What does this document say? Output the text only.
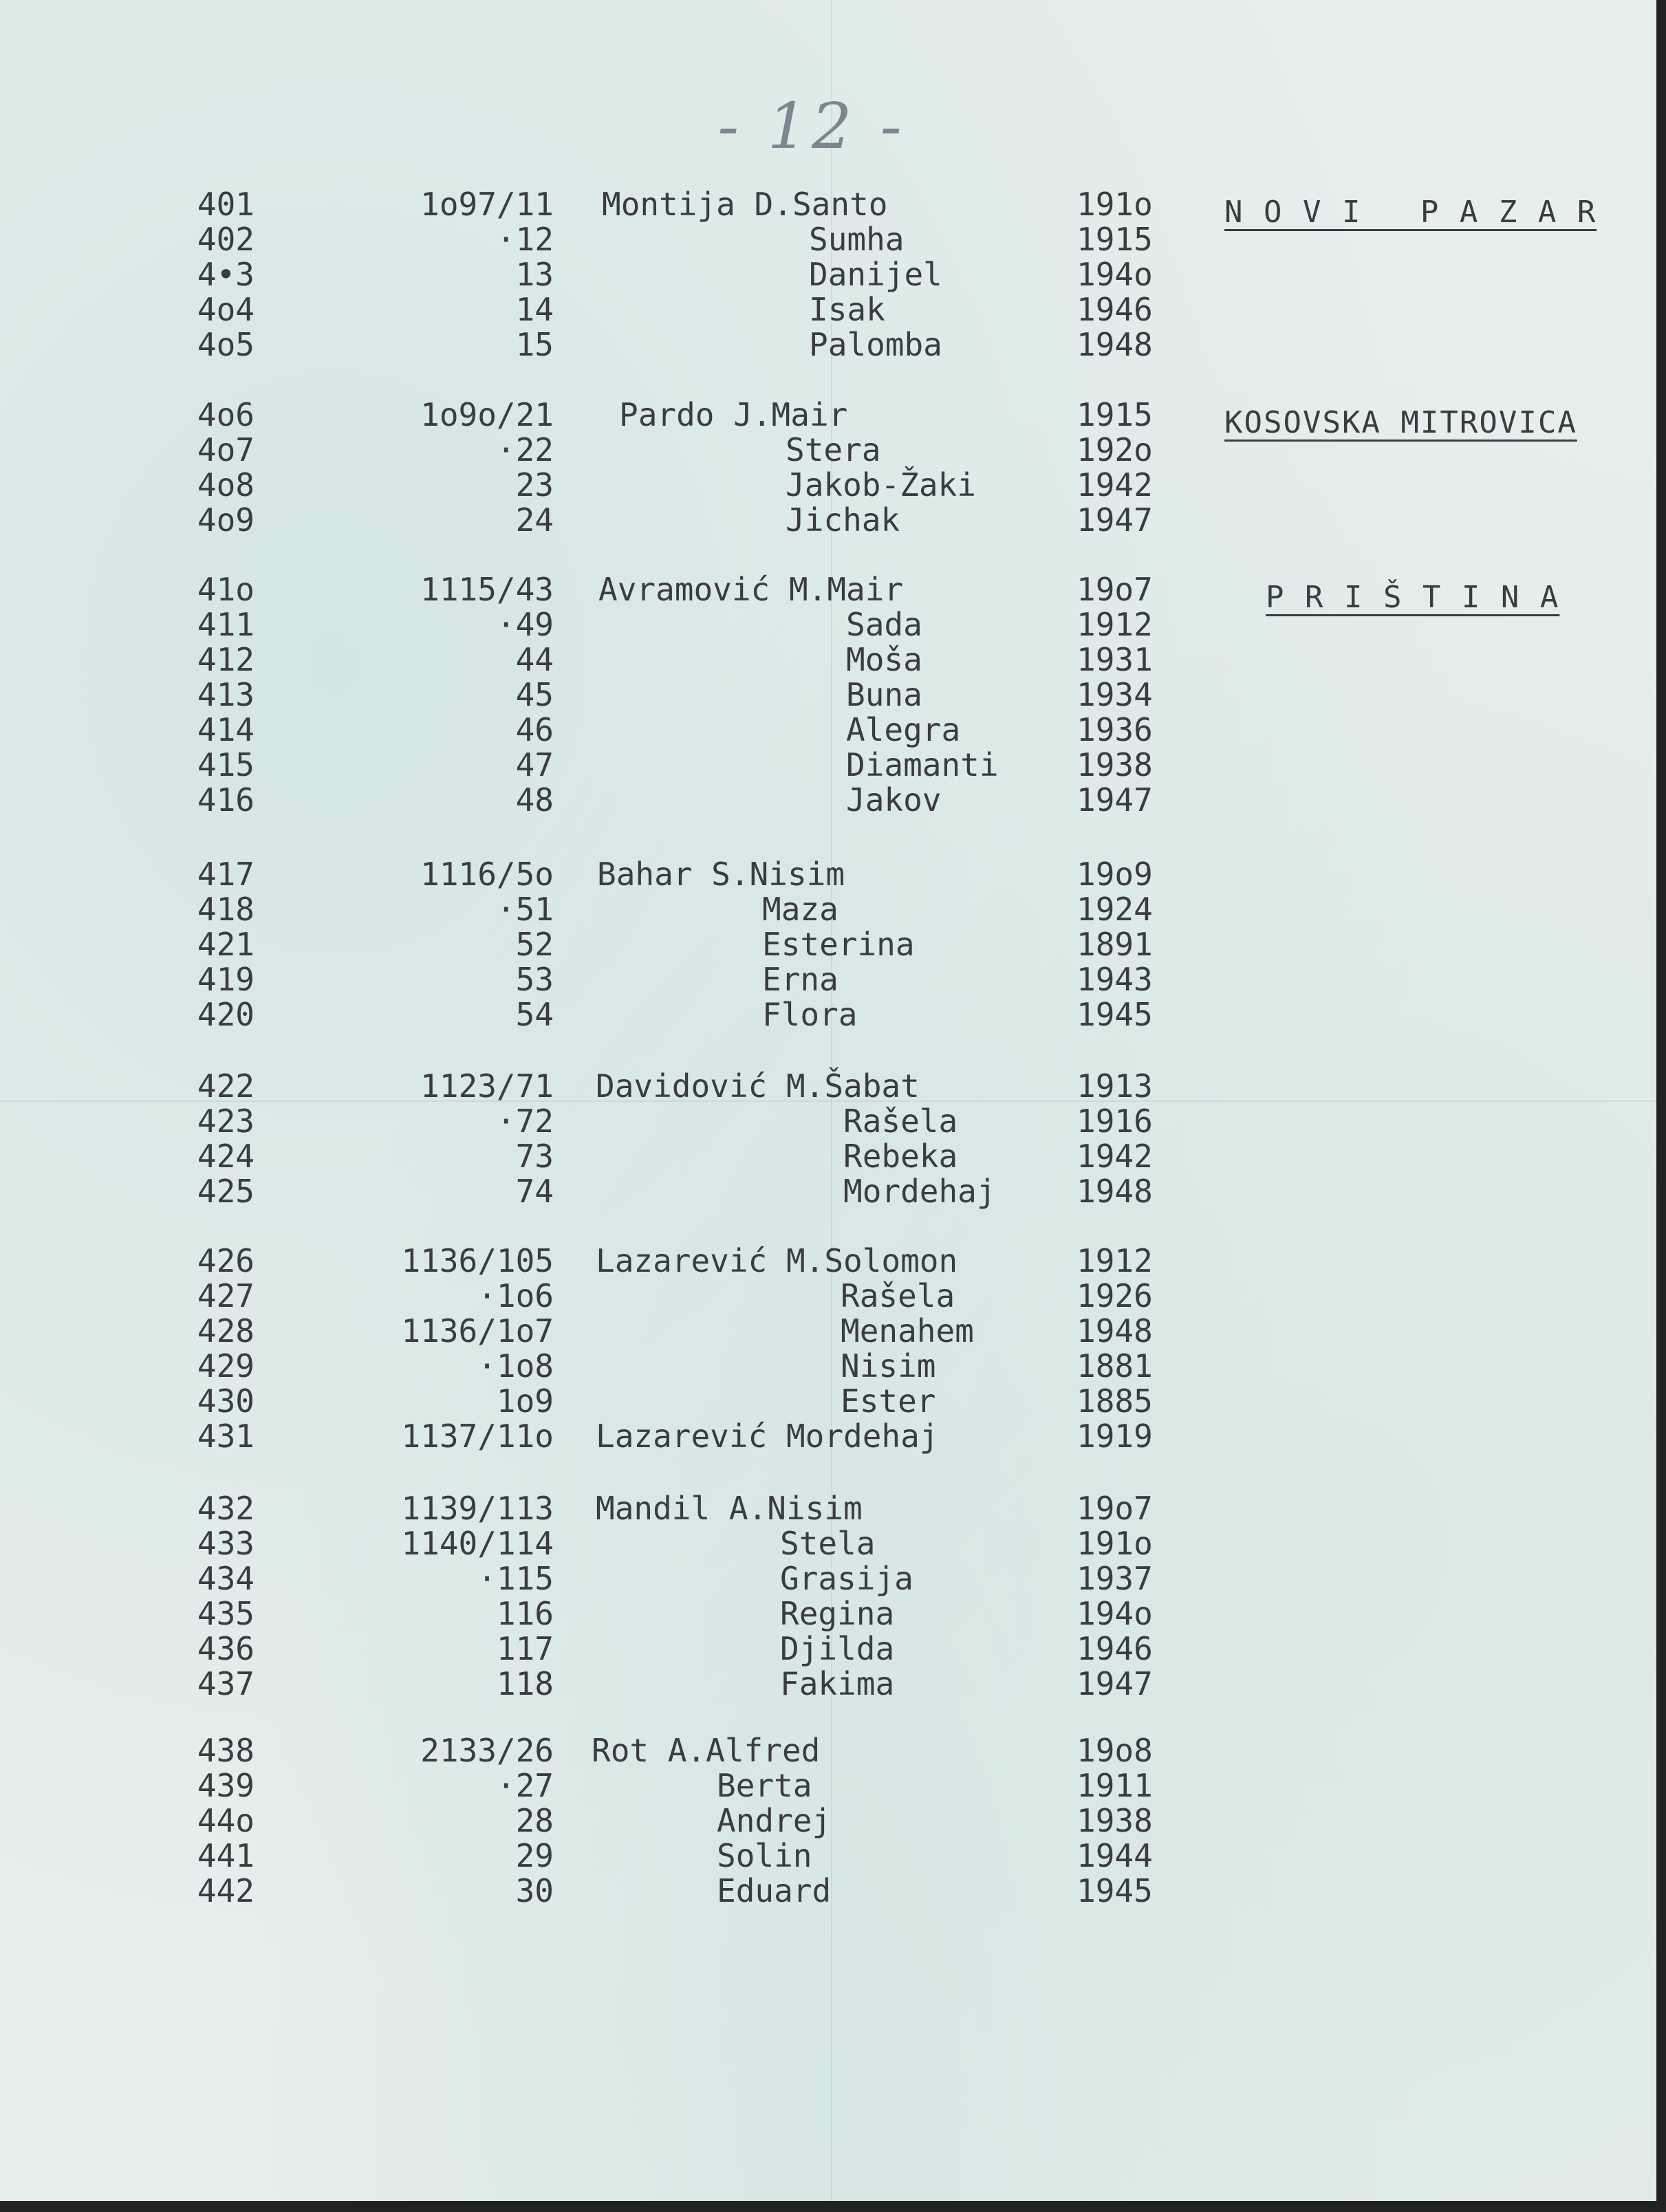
- 12 -
401	1o97/11 Montija D.Santo	191o
402	·12	Sumha	1915
4•3	13	Danijel	194o
4o4	14	Isak	1946
4o5	15	Palomba	1948
N O V I   P A Z A R
4o6	1o9o/21 Pardo J.Mair	1915
4o7	·22	Stera	192o
4o8	23	Jakob-Žaki	1942
4o9	24	Jichak	1947
KOSOVSKA MITROVICA
41o	1115/43 Avramović M.Mair	19o7
411	·49	Sada	1912
412	44	Moša	1931
413	45	Buna	1934
414	46	Alegra	1936
415	47	Diamanti 1938
416	48	Jakov	1947
P R I Š T I N A
417	1116/5o Bahar S.Nisim	19o9
418	·51	Maza	1924
421	52	Esterina	1891
419	53	Erna	1943
420	54	Flora	1945
422	1123/71 Davidović M.Šabat	1913
423	·72	Rašela	1916
424	73	Rebeka	1942
425	74	Mordehaj	1948
426	1136/105 Lazarević M.Solomon	1912
427	·1o6	Rašela	1926
428	1136/1o7	Menahem	1948
429	·1o8	Nisim	1881
430	1o9	Ester	1885
431	1137/11o Lazarević Mordehaj	1919
432	1139/113 Mandil A.Nisim	19o7
433	1140/114	Stela	191o
434	·115	Grasija	1937
435	116	Regina	194o
436	117	Djilda	1946
437	118	Fakima	1947
438	2133/26 Rot A.Alfred	19o8
439	·27	Berta	1911
44o	28	Andrej	1938
441	29	Solin	1944
442	30	Eduard	1945
